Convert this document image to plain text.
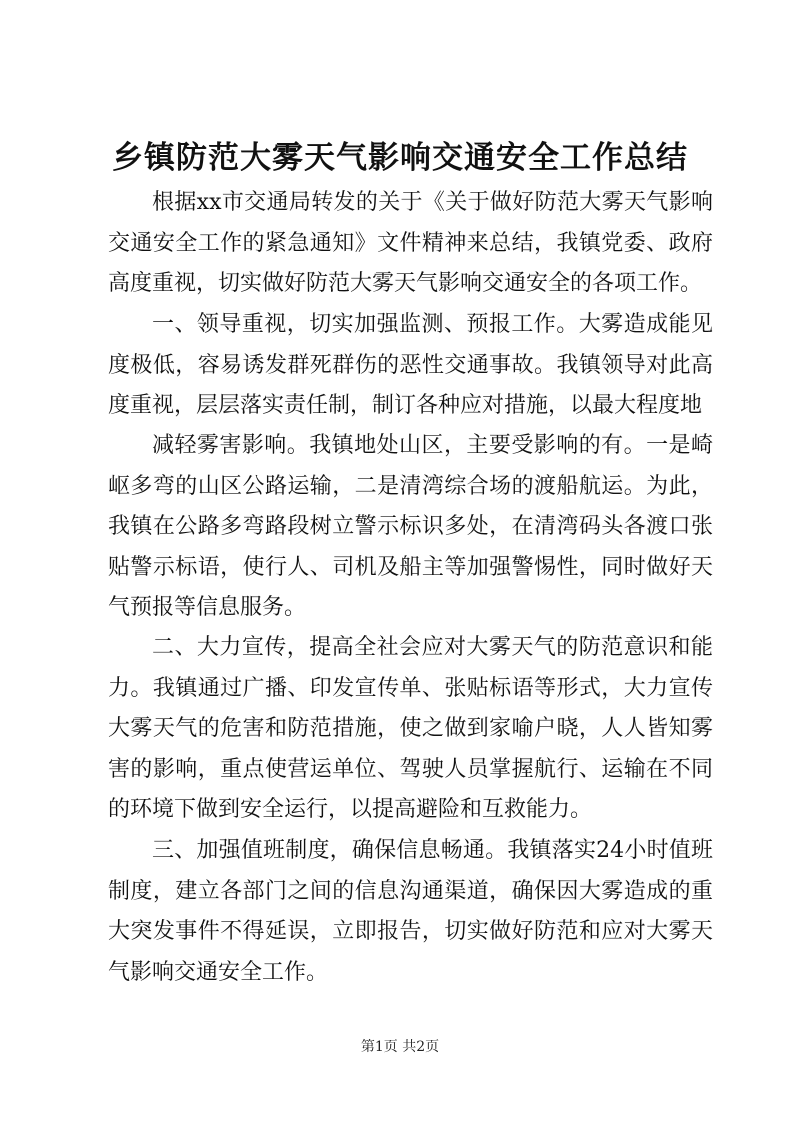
乡镇防范大雾天气影响交通安全工作总结

根据xx市交通局转发的关于《关于做好防范大雾天气影响交通安全工作的紧急通知》文件精神来总结，我镇党委、政府高度重视，切实做好防范大雾天气影响交通安全的各项工作。

一、领导重视，切实加强监测、预报工作。大雾造成能见度极低，容易诱发群死群伤的恶性交通事故。我镇领导对此高度重视，层层落实责任制，制订各种应对措施，以最大程度地

减轻雾害影响。我镇地处山区，主要受影响的有。一是崎岖多弯的山区公路运输，二是清湾综合场的渡船航运。为此，我镇在公路多弯路段树立警示标识多处，在清湾码头各渡口张贴警示标语，使行人、司机及船主等加强警惕性，同时做好天气预报等信息服务。

二、大力宣传，提高全社会应对大雾天气的防范意识和能力。我镇通过广播、印发宣传单、张贴标语等形式，大力宣传大雾天气的危害和防范措施，使之做到家喻户晓，人人皆知雾害的影响，重点使营运单位、驾驶人员掌握航行、运输在不同的环境下做到安全运行，以提高避险和互救能力。

三、加强值班制度，确保信息畅通。我镇落实24小时值班制度，建立各部门之间的信息沟通渠道，确保因大雾造成的重大突发事件不得延误，立即报告，切实做好防范和应对大雾天气影响交通安全工作。

第1页 共2页
